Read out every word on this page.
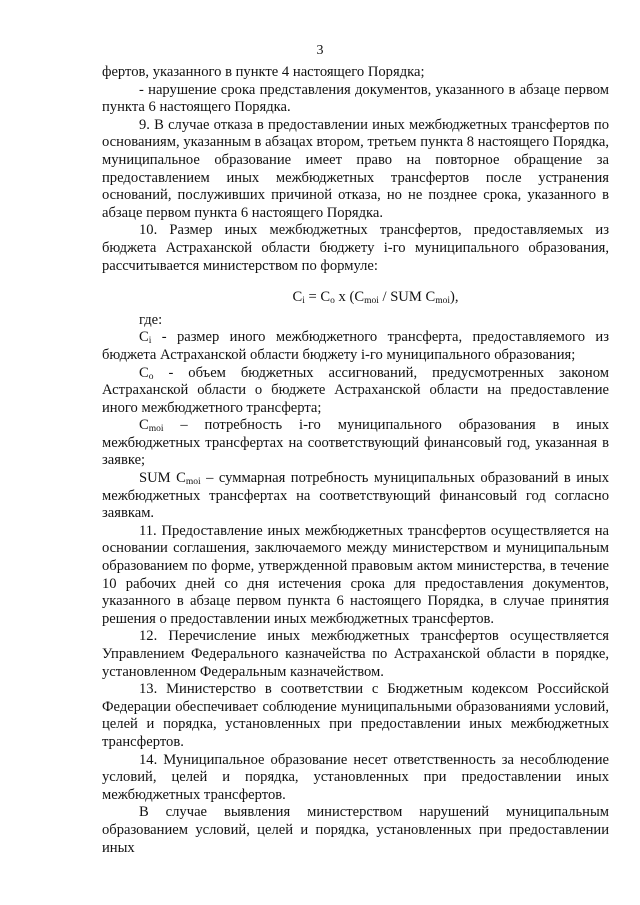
3

фертов, указанного в пункте 4 настоящего Порядка;

- нарушение срока представления документов, указанного в абзаце первом пункта 6 настоящего Порядка.

9. В случае отказа в предоставлении иных межбюджетных трансфертов по основаниям, указанным в абзацах втором, третьем пункта 8 настоящего Порядка, муниципальное образование имеет право на повторное обращение за предоставлением иных межбюджетных трансфертов после устранения оснований, послуживших причиной отказа, но не позднее срока, указанного в абзаце первом пункта 6 настоящего Порядка.

10. Размер иных межбюджетных трансфертов, предоставляемых из бюджета Астраханской области бюджету i-го муниципального образования, рассчитывается министерством по формуле:

$C_i = C_o$ x ($C_{moi}$ / SUM $C_{moi}$),

где:

$C_i$ - размер иного межбюджетного трансферта, предоставляемого из бюджета Астраханской области бюджету i-го муниципального образования;

$C_o$ - объем бюджетных ассигнований, предусмотренных законом Астраханской области о бюджете Астраханской области на предоставление иного межбюджетного трансферта;

$C_{moi}$ – потребность i-го муниципального образования в иных межбюджетных трансфертах на соответствующий финансовый год, указанная в заявке;

SUM $C_{moi}$ – суммарная потребность муниципальных образований в иных межбюджетных трансфертах на соответствующий финансовый год согласно заявкам.

11. Предоставление иных межбюджетных трансфертов осуществляется на основании соглашения, заключаемого между министерством и муниципальным образованием по форме, утвержденной правовым актом министерства, в течение 10 рабочих дней со дня истечения срока для предоставления документов, указанного в абзаце первом пункта 6 настоящего Порядка, в случае принятия решения о предоставлении иных межбюджетных трансфертов.

12. Перечисление иных межбюджетных трансфертов осуществляется Управлением Федерального казначейства по Астраханской области в порядке, установленном Федеральным казначейством.

13. Министерство в соответствии с Бюджетным кодексом Российской Федерации обеспечивает соблюдение муниципальными образованиями условий, целей и порядка, установленных при предоставлении иных межбюджетных трансфертов.

14. Муниципальное образование несет ответственность за несоблюдение условий, целей и порядка, установленных при предоставлении иных межбюджетных трансфертов.

В случае выявления министерством нарушений муниципальным образованием условий, целей и порядка, установленных при предоставлении иных
